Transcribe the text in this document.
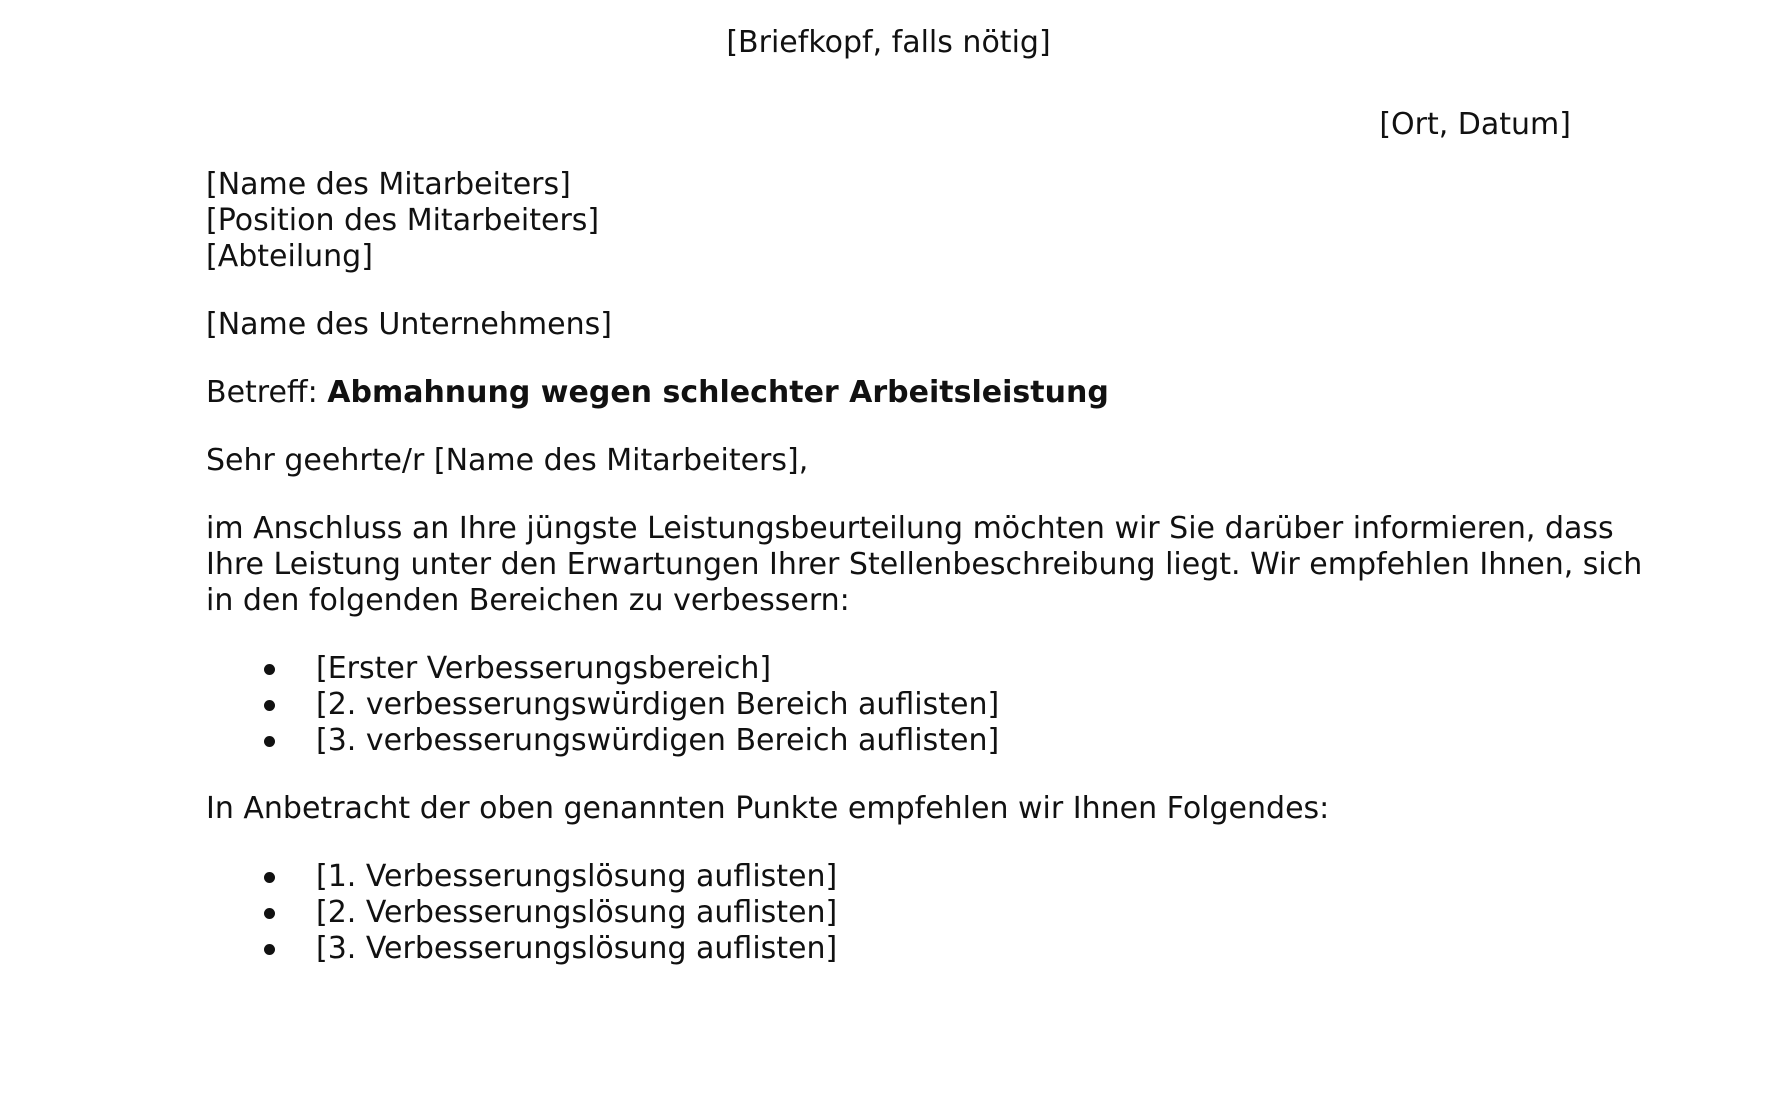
[Briefkopf, falls nötig]
[Ort, Datum]
[Name des Mitarbeiters]
[Position des Mitarbeiters]
[Abteilung]
[Name des Unternehmens]
Betreff: Abmahnung wegen schlechter Arbeitsleistung
Sehr geehrte/r [Name des Mitarbeiters],
im Anschluss an Ihre jüngste Leistungsbeurteilung möchten wir Sie darüber informieren, dass
Ihre Leistung unter den Erwartungen Ihrer Stellenbeschreibung liegt. Wir empfehlen Ihnen, sich
in den folgenden Bereichen zu verbessern:
[Erster Verbesserungsbereich]
[2. verbesserungswürdigen Bereich auflisten]
[3. verbesserungswürdigen Bereich auflisten]
In Anbetracht der oben genannten Punkte empfehlen wir Ihnen Folgendes:
[1. Verbesserungslösung auflisten]
[2. Verbesserungslösung auflisten]
[3. Verbesserungslösung auflisten]
